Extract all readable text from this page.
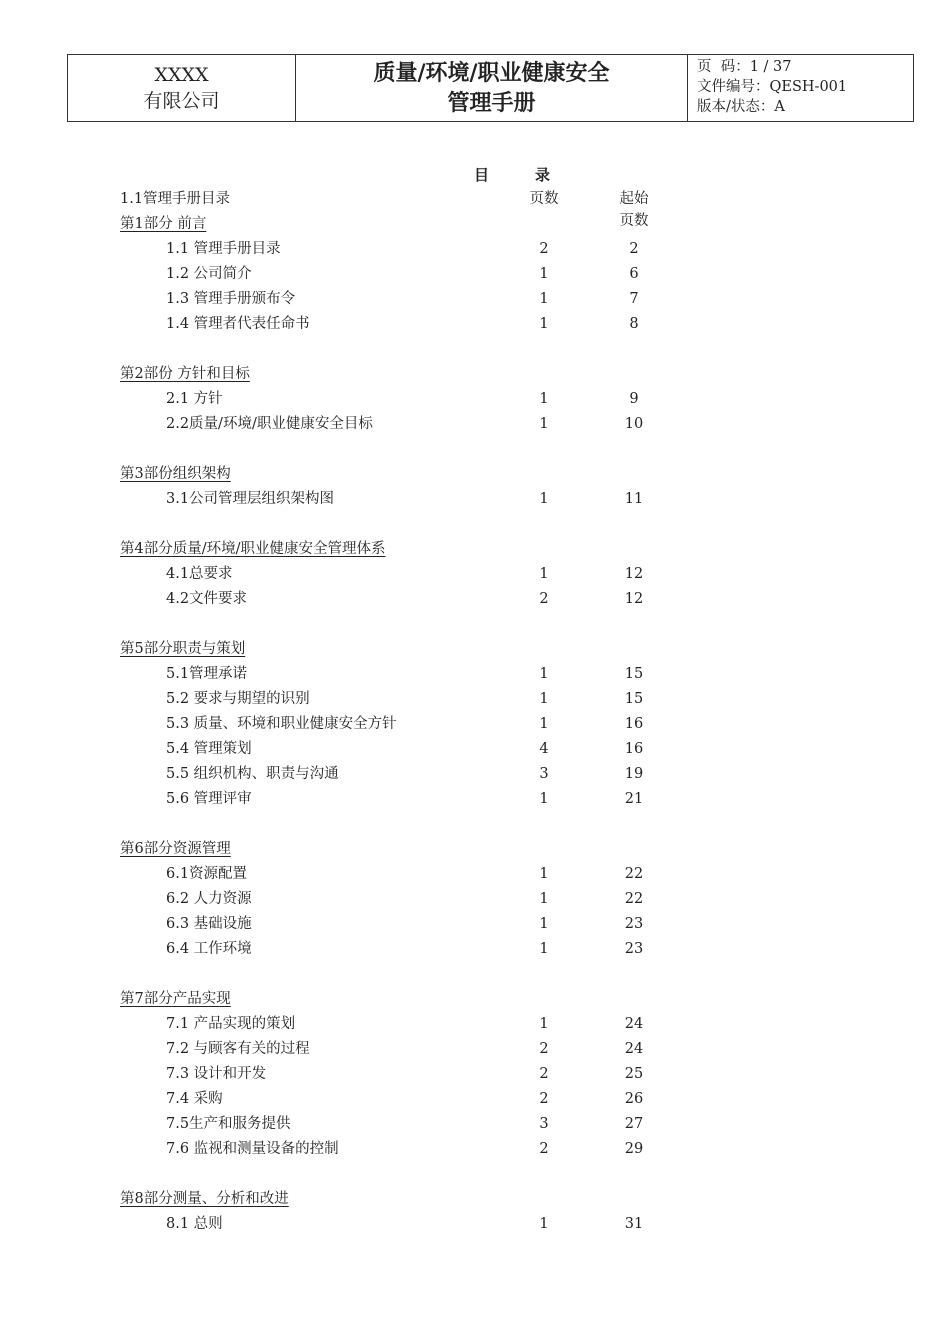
XXXX
有限公司
质量/环境/职业健康安全
管理手册
页  码：1 / 37
文件编号：QESH-001
版本/状态：A
目	录
1.1管理手册目录	页数	起始页数
第1部分 前言
1.1 管理手册目录	2	2
1.2 公司简介	1	6
1.3 管理手册颁布令	1	7
1.4 管理者代表任命书	1	8
第2部份 方针和目标
2.1 方针	1	9
2.2质量/环境/职业健康安全目标	1	10
第3部份组织架构
3.1公司管理层组织架构图	1	11
第4部分质量/环境/职业健康安全管理体系
4.1总要求	1	12
4.2文件要求	2	12
第5部分职责与策划
5.1管理承诺	1	15
5.2 要求与期望的识别	1	15
5.3 质量、环境和职业健康安全方针	1	16
5.4 管理策划	4	16
5.5 组织机构、职责与沟通	3	19
5.6 管理评审	1	21
第6部分资源管理
6.1资源配置	1	22
6.2 人力资源	1	22
6.3 基础设施	1	23
6.4 工作环境	1	23
第7部分产品实现
7.1 产品实现的策划	1	24
7.2 与顾客有关的过程	2	24
7.3 设计和开发	2	25
7.4 采购	2	26
7.5生产和服务提供	3	27
7.6 监视和测量设备的控制	2	29
第8部分测量、分析和改进
8.1 总则	1	31
